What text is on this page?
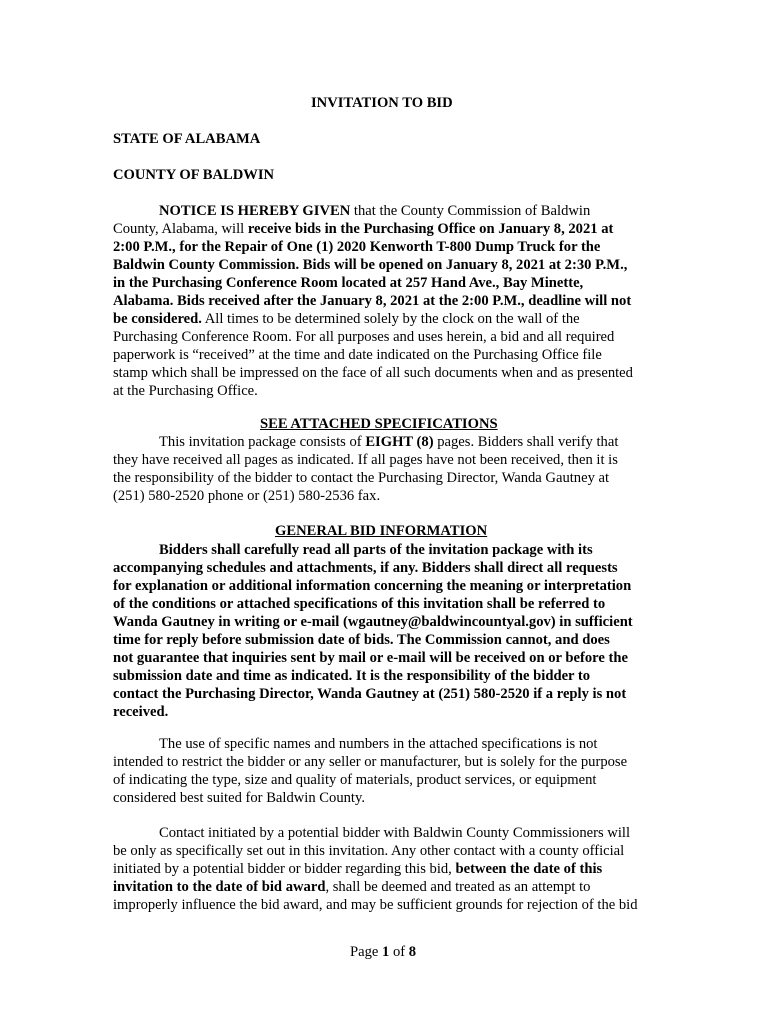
INVITATION TO BID
STATE OF ALABAMA
COUNTY OF BALDWIN
NOTICE IS HEREBY GIVEN that the County Commission of Baldwin
County, Alabama, will receive bids in the Purchasing Office on January 8, 2021 at
2:00 P.M., for the Repair of One (1) 2020 Kenworth T-800 Dump Truck for the
Baldwin County Commission. Bids will be opened on January 8, 2021 at 2:30 P.M.,
in the Purchasing Conference Room located at 257 Hand Ave., Bay Minette,
Alabama. Bids received after the January 8, 2021 at the 2:00 P.M., deadline will not
be considered. All times to be determined solely by the clock on the wall of the
Purchasing Conference Room. For all purposes and uses herein, a bid and all required
paperwork is “received” at the time and date indicated on the Purchasing Office file
stamp which shall be impressed on the face of all such documents when and as presented
at the Purchasing Office.
SEE ATTACHED SPECIFICATIONS
This invitation package consists of EIGHT (8) pages. Bidders shall verify that
they have received all pages as indicated. If all pages have not been received, then it is
the responsibility of the bidder to contact the Purchasing Director, Wanda Gautney at
(251) 580-2520 phone or (251) 580-2536 fax.
GENERAL BID INFORMATION
Bidders shall carefully read all parts of the invitation package with its
accompanying schedules and attachments, if any. Bidders shall direct all requests
for explanation or additional information concerning the meaning or interpretation
of the conditions or attached specifications of this invitation shall be referred to
Wanda Gautney in writing or e-mail (wgautney@baldwincountyal.gov) in sufficient
time for reply before submission date of bids. The Commission cannot, and does
not guarantee that inquiries sent by mail or e-mail will be received on or before the
submission date and time as indicated. It is the responsibility of the bidder to
contact the Purchasing Director, Wanda Gautney at (251) 580-2520 if a reply is not
received.
The use of specific names and numbers in the attached specifications is not
intended to restrict the bidder or any seller or manufacturer, but is solely for the purpose
of indicating the type, size and quality of materials, product services, or equipment
considered best suited for Baldwin County.
Contact initiated by a potential bidder with Baldwin County Commissioners will
be only as specifically set out in this invitation. Any other contact with a county official
initiated by a potential bidder or bidder regarding this bid, between the date of this
invitation to the date of bid award, shall be deemed and treated as an attempt to
improperly influence the bid award, and may be sufficient grounds for rejection of the bid
Page 1 of 8
